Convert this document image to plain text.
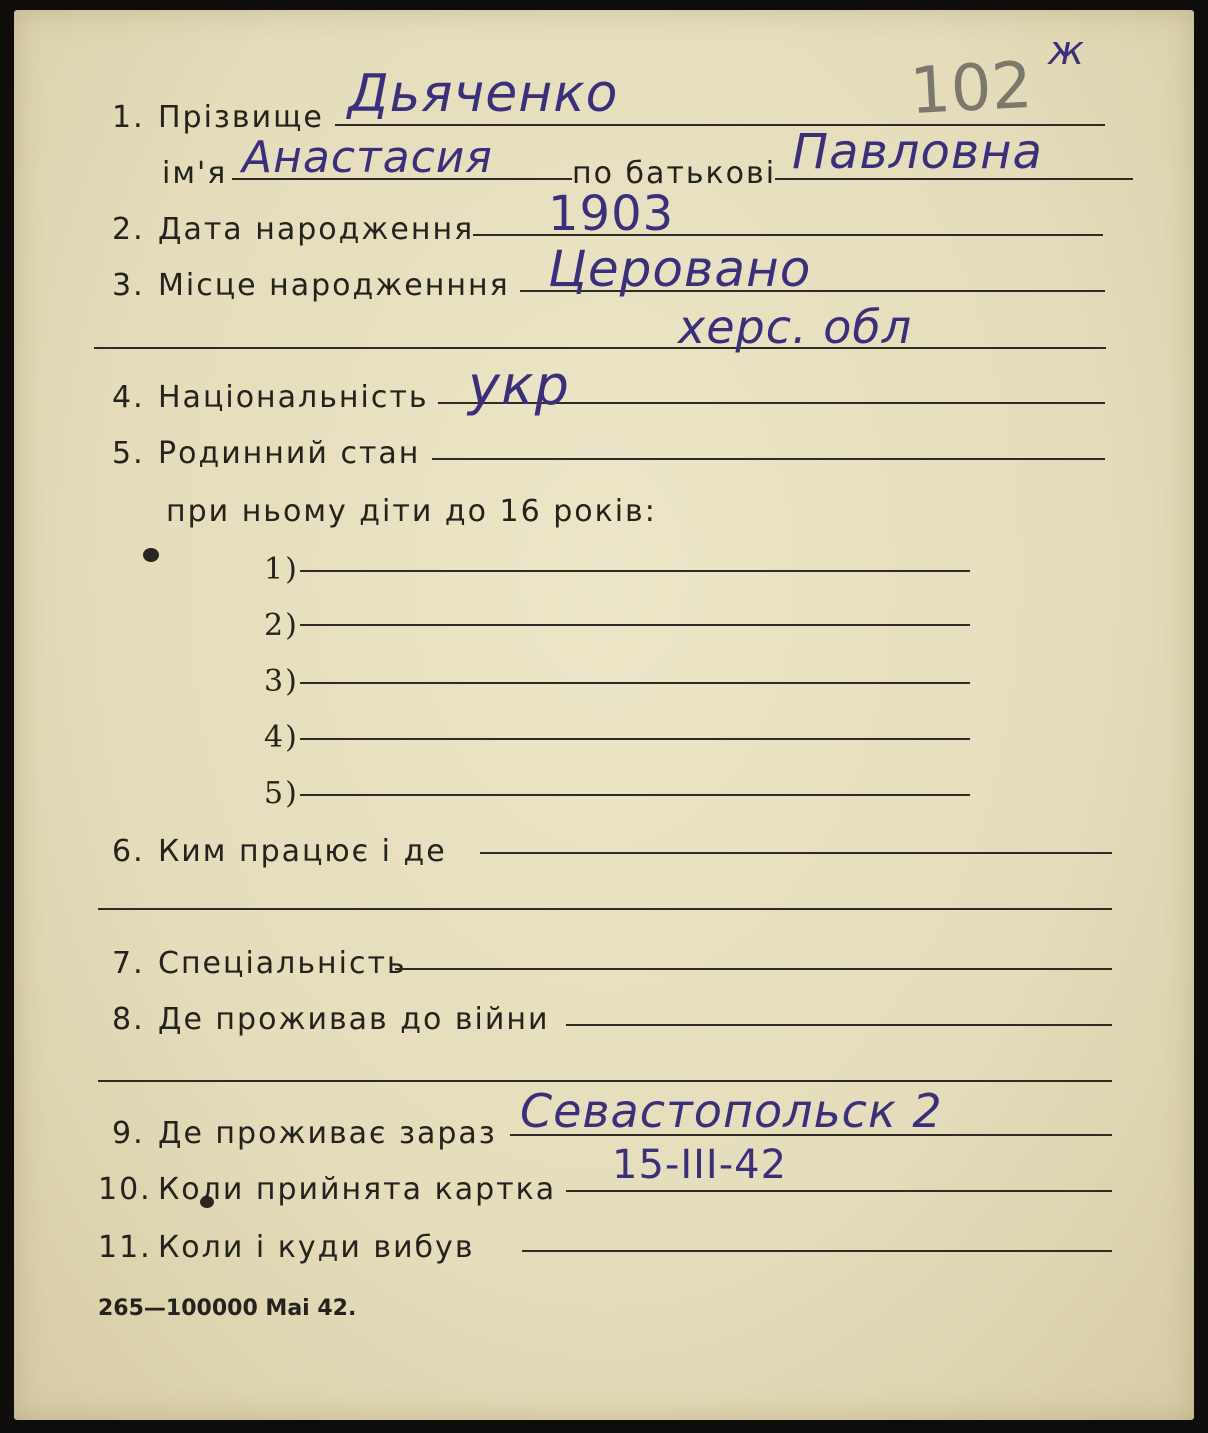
ж
102
1. Прізвище Дьяченко
ім'я Анастасия	по батькові Павловна
2. Дата народження 1903
3. Місце народженння Церовано
херс. обл
4. Національність укр
5. Родинний стан
при ньому діти до 16 років:
1)
2)
3)
4)
5)
6. Ким працює і де
7. Спеціальність
8. Де проживав до війни
9. Де проживає зараз Севастопольск 2
10. Коли прийнята картка
15-III-42
11. Коли і куди вибув
265—100000 Mai 42.
